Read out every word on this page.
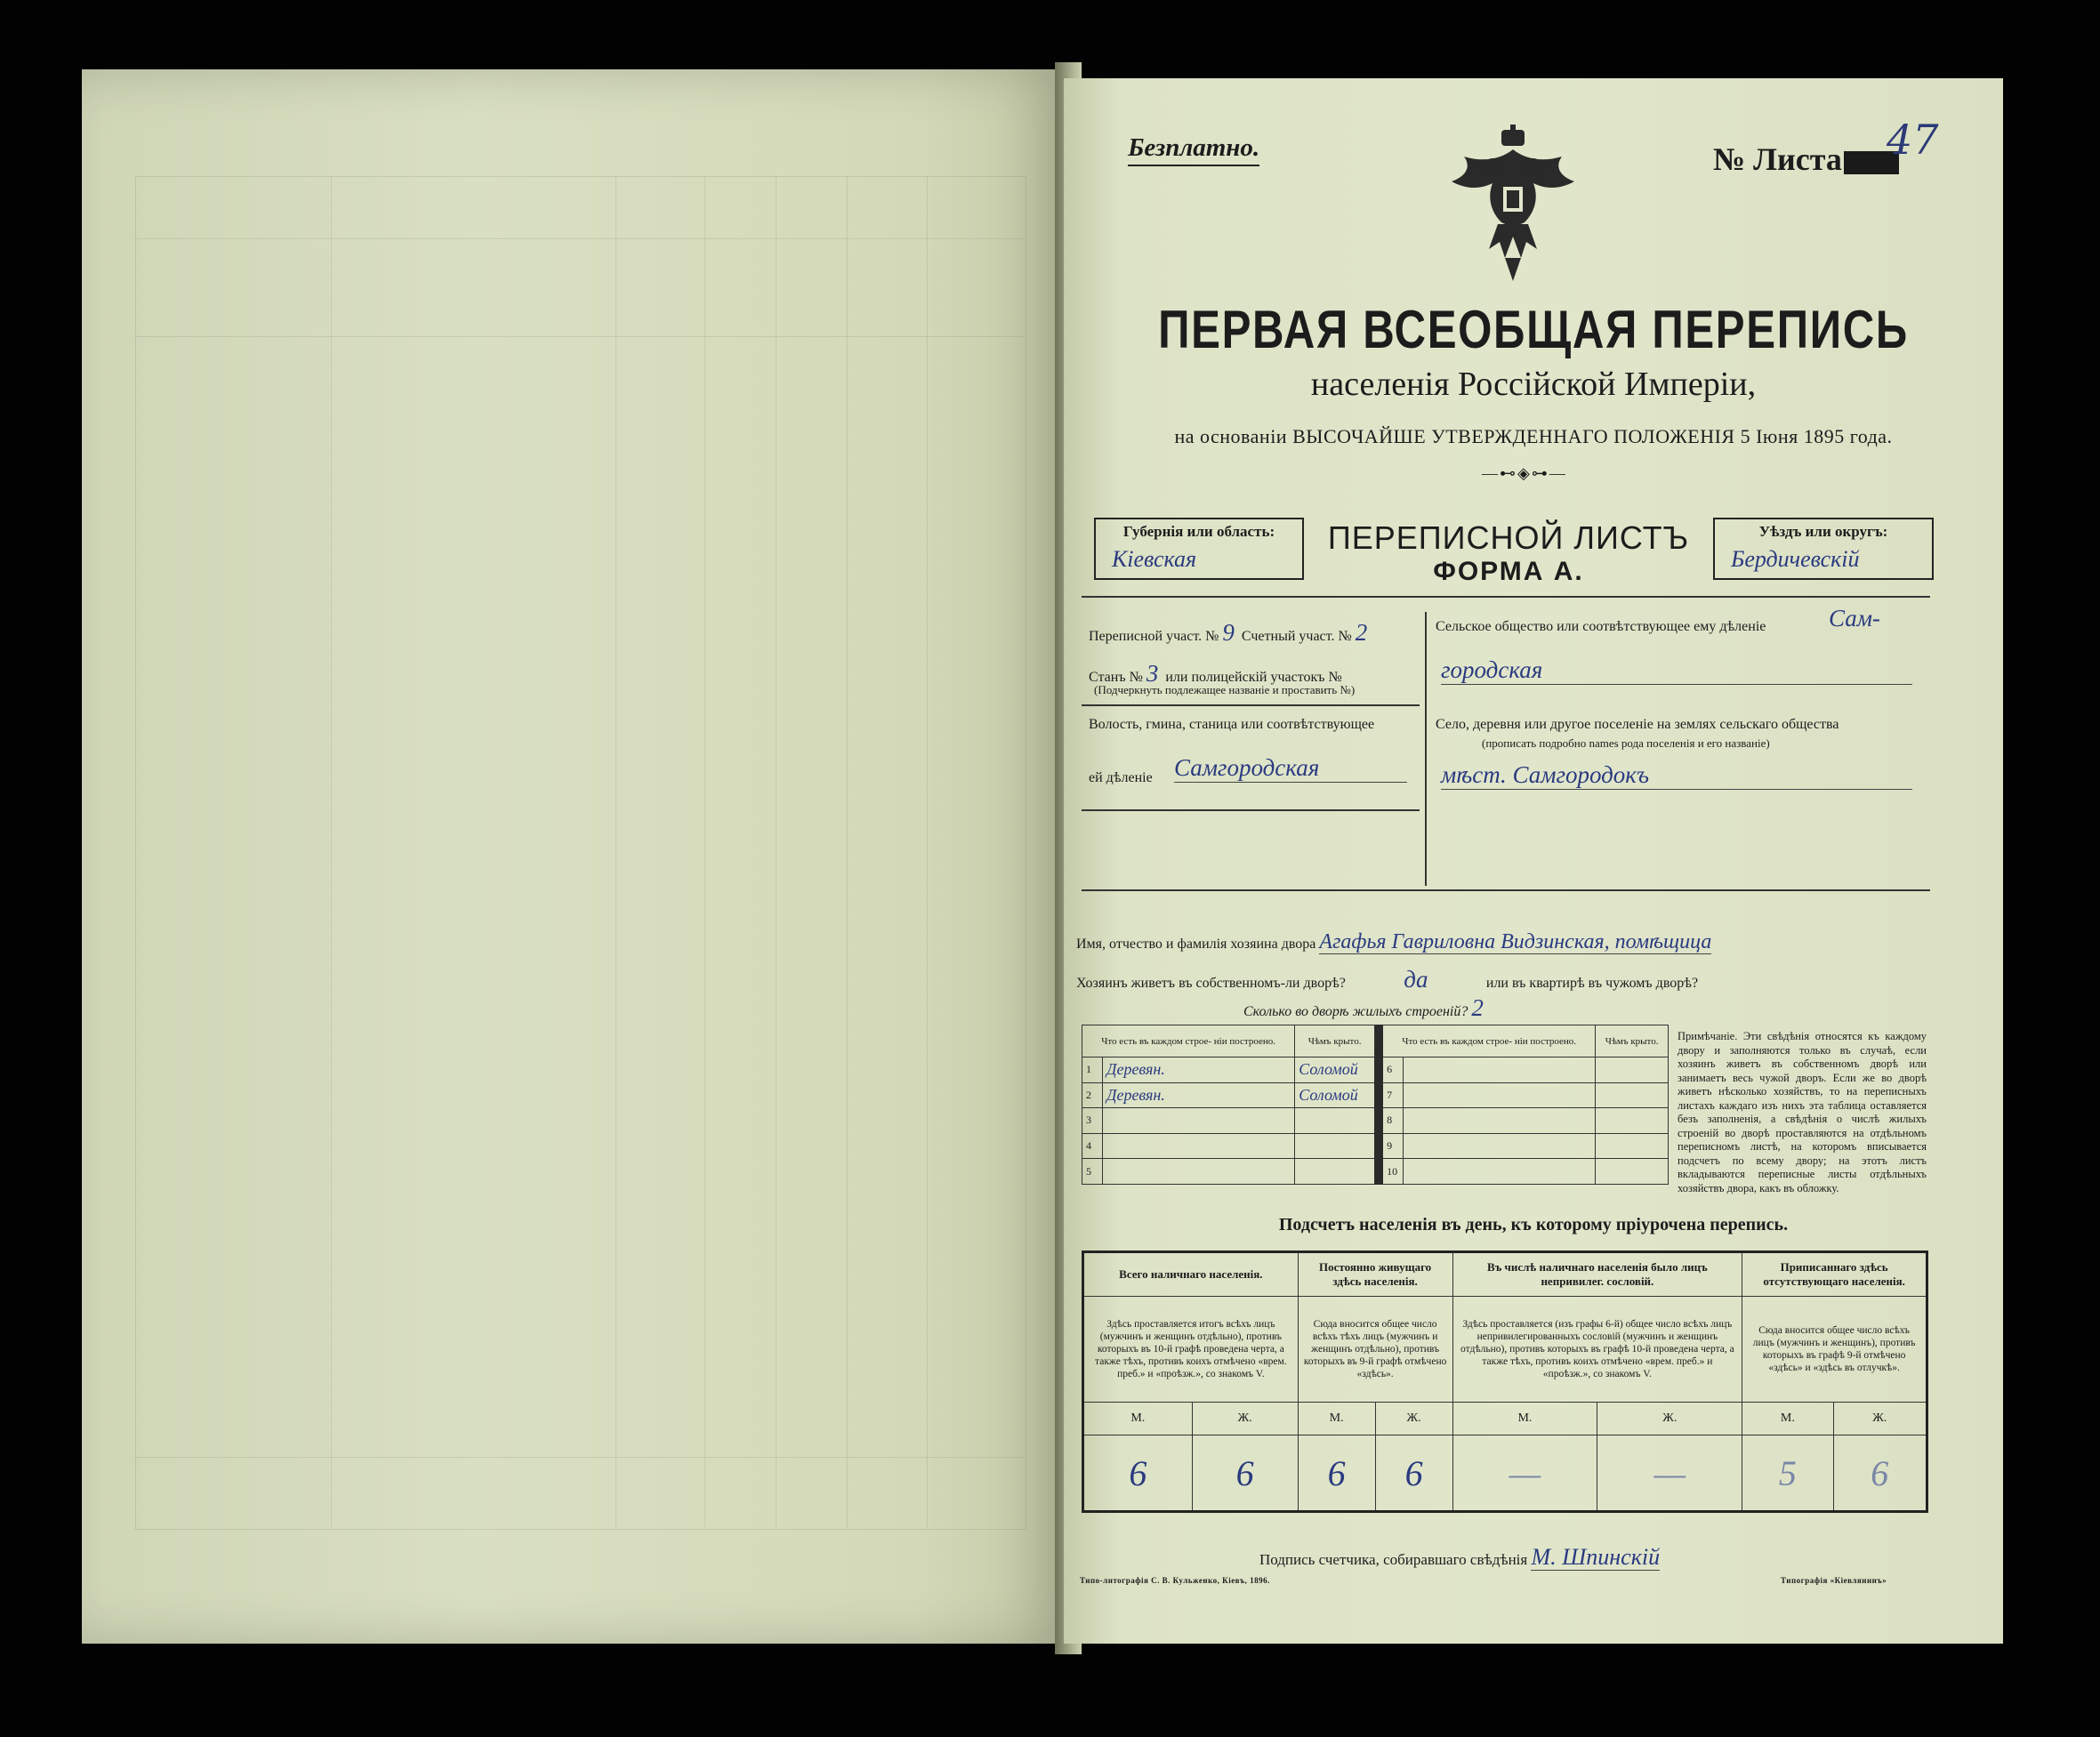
Безплатно.	№ Листа	47
ПЕРВАЯ ВСЕОБЩАЯ ПЕРЕПИСЬ
населенія Россійской Имперіи,
на основаніи ВЫСОЧАЙШЕ УТВЕРЖДЕННАГО ПОЛОЖЕНІЯ 5 Іюня 1895 года.
—⊷◈⊶—
Губернія или область:
Кіевская
ПЕРЕПИСНОЙ ЛИСТЪ
ФОРМА А.
Уѣздъ или округъ:
Бердичевскій
Переписной участ. № 9 Счетный участ. № 2
Станъ № 3 или полицейскій участокъ №
(Подчеркнуть подлежащее названіе и проставить №)
Волость, гмина, станица или соотвѣтствующее
ей дѣленіе Самгородская
Сельское общество или соотвѣтствующее ему дѣленіе	Сам-
городская
Село, деревня или другое поселеніе на землях сельскаго общества
(прописать подробно names рода поселенія и его названіе)
мѣст. Самгородокъ
Имя, отчество и фамилія хозяина двора Агафья Гавриловна Видзинская, помѣщица
Хозяинъ живетъ въ собственномъ-ли дворѣ? да	или въ квартирѣ въ чужомъ дворѣ?
Сколько во дворѣ жилыхъ строеній? 2
Что есть въ каждом строе- ніи построено.		Чѣмъ крыто.		Что есть въ каждом строе- ніи построено.		Чѣмъ крыто.
1	Деревян.	Соломой		6		
2	Деревян.	Соломой		7		
3				8		
4				9		
5				10		
Примѣчаніе. Эти свѣдѣнія относятся къ каждому двору и заполняются только въ случаѣ, если хозяинъ живетъ въ собственномъ дворѣ или занимаетъ весь чужой дворъ. Если же во дворѣ живетъ нѣсколько хозяйствъ, то на переписныхъ листахъ каждаго изъ нихъ эта таблица оставляется безъ заполненія, а свѣдѣнія о числѣ жилыхъ строеній во дворѣ проставляются на отдѣльномъ переписномъ листѣ, на которомъ вписывается подсчетъ по всему двору; на этотъ листъ вкладываются переписные листы отдѣльныхъ хозяйствъ двора, какъ въ обложку.
Подсчетъ населенія въ день, къ которому пріурочена перепись.
Всего наличнаго населенія.		Постоянно живущаго здѣсь населенія.		Въ числѣ наличнаго населенія было лицъ непривилег. сословій.		Приписаннаго здѣсь отсутствующаго населенія.	
Здѣсь проставляется итогъ всѣхъ лицъ (мужчинъ и женщинъ отдѣльно), противъ которыхъ въ 10-й графѣ проведена черта, а также тѣхъ, противъ коихъ отмѣчено «врем. преб.» и «проѣзж.», со знакомъ V.		Сюда вносится общее число всѣхъ тѣхъ лицъ (мужчинъ и женщинъ отдѣльно), противъ которыхъ въ 9-й графѣ отмѣчено «здѣсь».		Здѣсь проставляется (изъ графы 6-й) общее число всѣхъ лицъ непривилегированныхъ сословій (мужчинъ и женщинъ отдѣльно), противъ которыхъ въ графѣ 10-й проведена черта, а также тѣхъ, противъ коихъ отмѣчено «врем. преб.» и «проѣзж.», со знакомъ V.		Сюда вносится общее число всѣхъ лицъ (мужчинъ и женщинъ), противъ которыхъ въ графѣ 9-й отмѣчено «здѣсь» и «здѣсь въ отлучкѣ».	
М.	Ж.	М.	Ж.	М.	Ж.	М.	Ж.
6	6	6	6	—	—	5	6
Подпись счетчика, собиравшаго свѣдѣнія М. Шпинскій
Типо-литографія С. В. Кульженко, Кіевъ, 1896.	Типографія «Кіевлянинъ»
